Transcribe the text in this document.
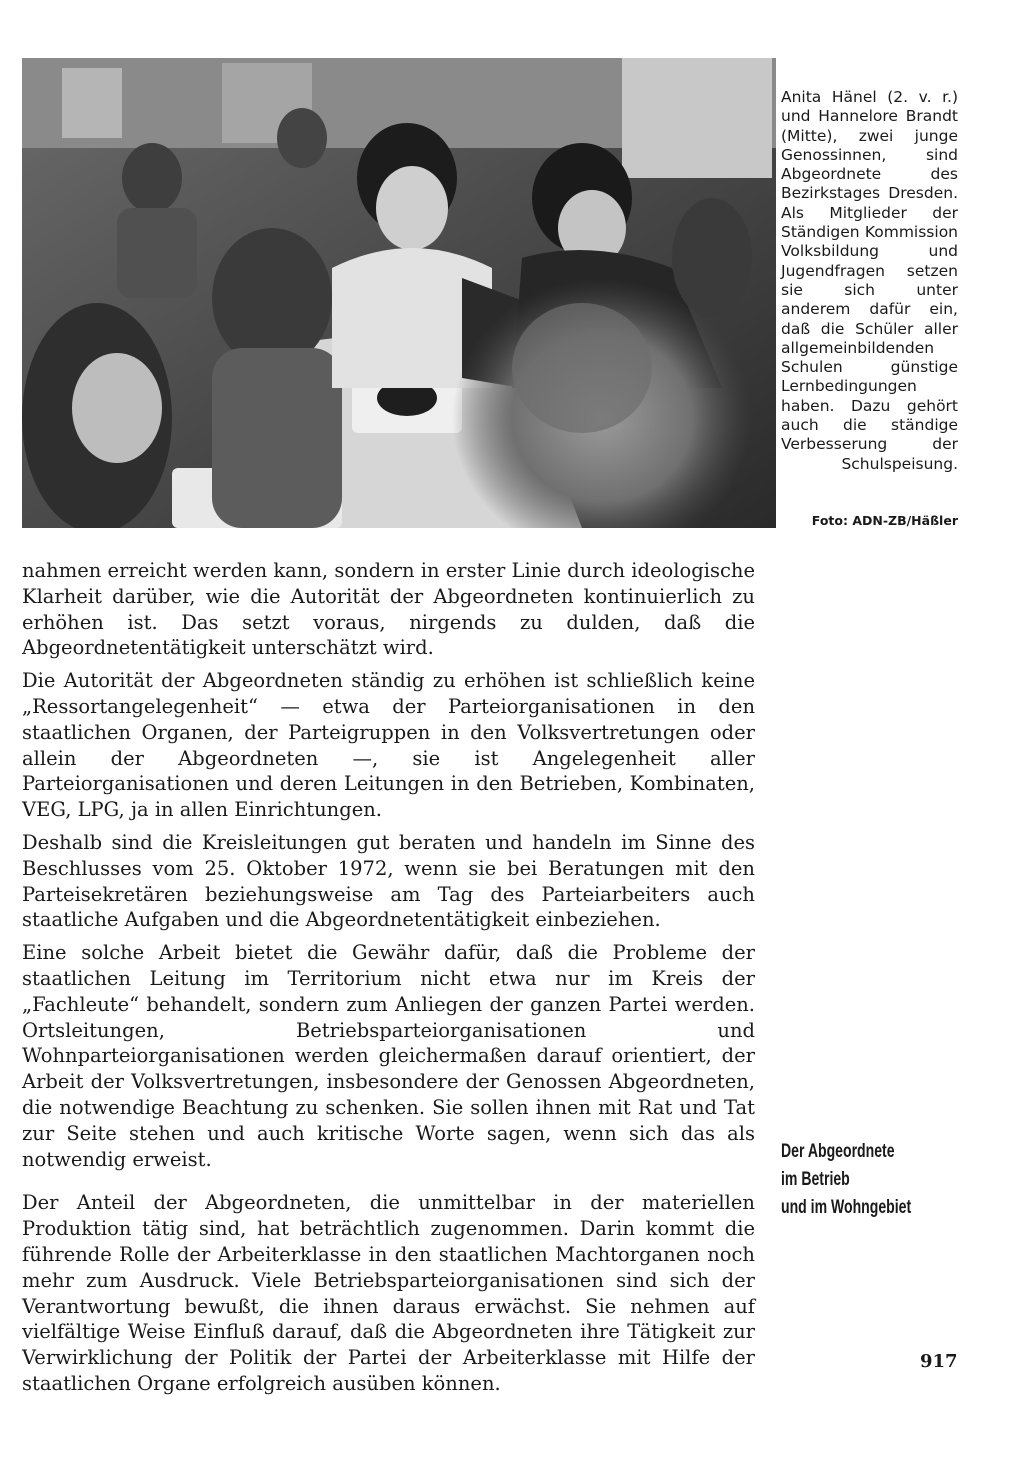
Anita Hänel (2. v. r.) und Hannelore Brandt (Mitte), zwei junge Genossinnen, sind Abgeordnete des Bezirkstages Dresden. Als Mitglieder der Ständigen Kommission Volksbildung und Jugendfragen setzen sie sich unter anderem dafür ein, daß die Schüler aller allgemeinbildenden Schulen günstige Lernbedingungen haben. Dazu gehört auch die ständige Verbesserung der Schulspeisung.

Foto: ADN-ZB/Häßler

nahmen erreicht werden kann, sondern in erster Linie durch ideologische Klarheit darüber, wie die Autorität der Abgeordneten kontinuierlich zu erhöhen ist. Das setzt voraus, nirgends zu dulden, daß die Abgeordnetentätigkeit unterschätzt wird.

Die Autorität der Abgeordneten ständig zu erhöhen ist schließlich keine „Ressortangelegenheit“ — etwa der Parteiorganisationen in den staatlichen Organen, der Parteigruppen in den Volksvertretungen oder allein der Abgeordneten —, sie ist Angelegenheit aller Parteiorganisationen und deren Leitungen in den Betrieben, Kombinaten, VEG, LPG, ja in allen Einrichtungen.

Deshalb sind die Kreisleitungen gut beraten und handeln im Sinne des Beschlusses vom 25. Oktober 1972, wenn sie bei Beratungen mit den Parteisekretären beziehungsweise am Tag des Parteiarbeiters auch staatliche Aufgaben und die Abgeordnetentätigkeit einbeziehen.

Eine solche Arbeit bietet die Gewähr dafür, daß die Probleme der staatlichen Leitung im Territorium nicht etwa nur im Kreis der „Fachleute“ behandelt, sondern zum Anliegen der ganzen Partei werden. Ortsleitungen, Betriebsparteiorganisationen und Wohnparteiorganisationen werden gleichermaßen darauf orientiert, der Arbeit der Volksvertretungen, insbesondere der Genossen Abgeordneten, die notwendige Beachtung zu schenken. Sie sollen ihnen mit Rat und Tat zur Seite stehen und auch kritische Worte sagen, wenn sich das als notwendig erweist.

Der Anteil der Abgeordneten, die unmittelbar in der materiellen Produktion tätig sind, hat beträchtlich zugenommen. Darin kommt die führende Rolle der Arbeiterklasse in den staatlichen Machtorganen noch mehr zum Ausdruck. Viele Betriebsparteiorganisationen sind sich der Verantwortung bewußt, die ihnen daraus erwächst. Sie nehmen auf vielfältige Weise Einfluß darauf, daß die Abgeordneten ihre Tätigkeit zur Verwirklichung der Politik der Partei der Arbeiterklasse mit Hilfe der staatlichen Organe erfolgreich ausüben können.

Der Abgeordnete
im Betrieb
und im Wohngebiet
917
